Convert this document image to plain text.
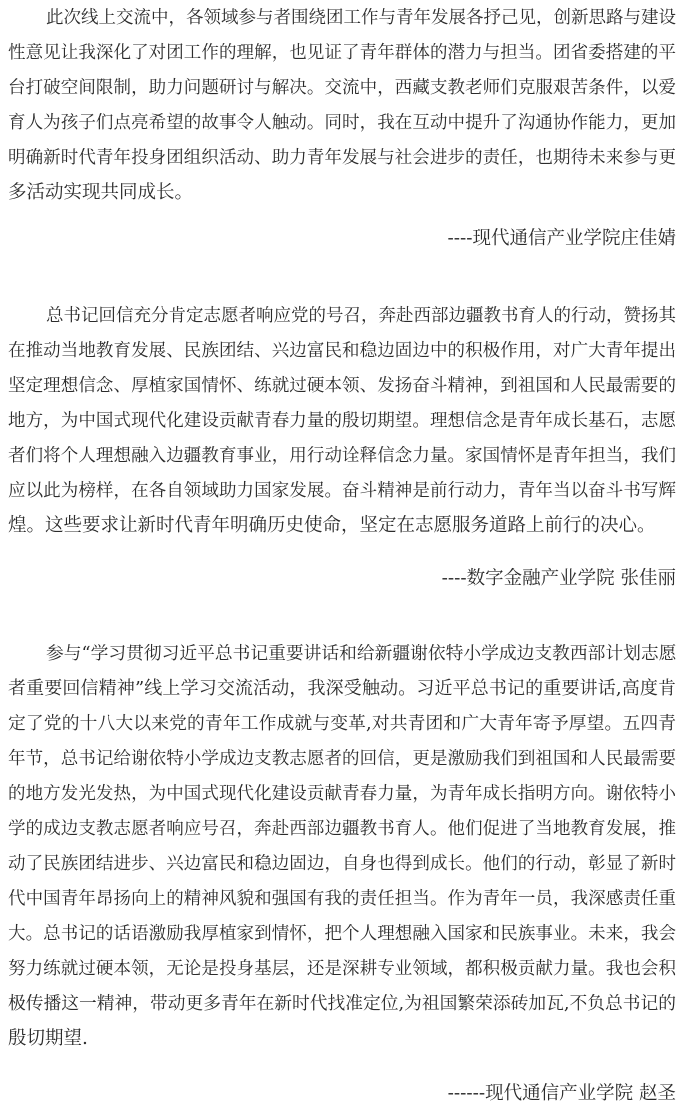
此次线上交流中，各领域参与者围绕团工作与青年发展各抒己见，创新思路与建设
性意见让我深化了对团工作的理解，也见证了青年群体的潜力与担当。团省委搭建的平
台打破空间限制，助力问题研讨与解决。交流中，西藏支教老师们克服艰苦条件，以爱
育人为孩子们点亮希望的故事令人触动。同时，我在互动中提升了沟通协作能力，更加
明确新时代青年投身团组织活动、助力青年发展与社会进步的责任，也期待未来参与更
多活动实现共同成长。
----现代通信产业学院庄佳婧
总书记回信充分肯定志愿者响应党的号召，奔赴西部边疆教书育人的行动，赞扬其
在推动当地教育发展、民族团结、兴边富民和稳边固边中的积极作用，对广大青年提出
坚定理想信念、厚植家国情怀、练就过硬本领、发扬奋斗精神，到祖国和人民最需要的
地方，为中国式现代化建设贡献青春力量的殷切期望。理想信念是青年成长基石，志愿
者们将个人理想融入边疆教育事业，用行动诠释信念力量。家国情怀是青年担当，我们
应以此为榜样，在各自领域助力国家发展。奋斗精神是前行动力，青年当以奋斗书写辉
煌。这些要求让新时代青年明确历史使命，坚定在志愿服务道路上前行的决心。
----数字金融产业学院 张佳丽
参与“学习贯彻习近平总书记重要讲话和给新疆谢依特小学成边支教西部计划志愿
者重要回信精神”线上学习交流活动，我深受触动。习近平总书记的重要讲话,高度肯
定了党的十八大以来党的青年工作成就与变革,对共青团和广大青年寄予厚望。五四青
年节，总书记给谢依特小学成边支教志愿者的回信，更是激励我们到祖国和人民最需要
的地方发光发热，为中国式现代化建设贡献青春力量，为青年成长指明方向。谢依特小
学的成边支教志愿者响应号召，奔赴西部边疆教书育人。他们促进了当地教育发展，推
动了民族团结进步、兴边富民和稳边固边，自身也得到成长。他们的行动，彰显了新时
代中国青年昂扬向上的精神风貌和强国有我的责任担当。作为青年一员，我深感责任重
大。总书记的话语激励我厚植家到情怀，把个人理想融入国家和民族事业。未来，我会
努力练就过硬本领，无论是投身基层，还是深耕专业领域，都积极贡献力量。我也会积
极传播这一精神，带动更多青年在新时代找准定位,为祖国繁荣添砖加瓦,不负总书记的
殷切期望.
------现代通信产业学院 赵圣
